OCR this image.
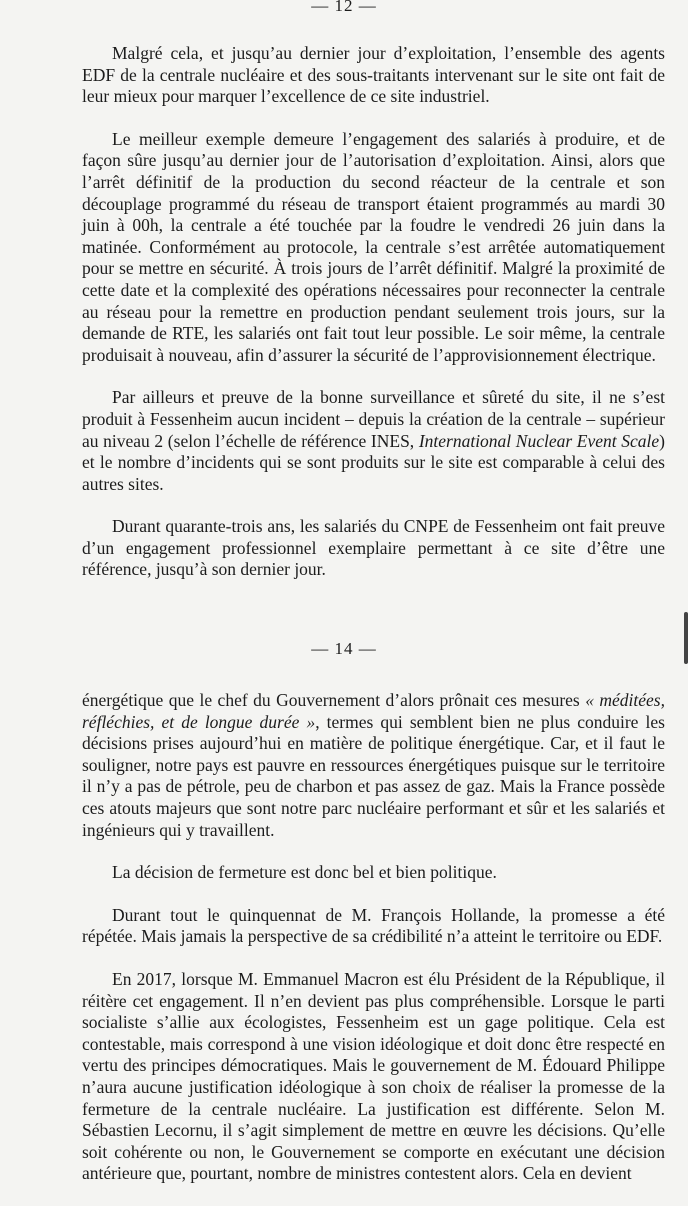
— 12 —

Malgré cela, et jusqu’au dernier jour d’exploitation, l’ensemble des agents EDF de la centrale nucléaire et des sous-traitants intervenant sur le site ont fait de leur mieux pour marquer l’excellence de ce site industriel.

Le meilleur exemple demeure l’engagement des salariés à produire, et de façon sûre jusqu’au dernier jour de l’autorisation d’exploitation. Ainsi, alors que l’arrêt définitif de la production du second réacteur de la centrale et son découplage programmé du réseau de transport étaient programmés au mardi 30 juin à 00h, la centrale a été touchée par la foudre le vendredi 26 juin dans la matinée. Conformément au protocole, la centrale s’est arrêtée automatiquement pour se mettre en sécurité. À trois jours de l’arrêt définitif. Malgré la proximité de cette date et la complexité des opérations nécessaires pour reconnecter la centrale au réseau pour la remettre en production pendant seulement trois jours, sur la demande de RTE, les salariés ont fait tout leur possible. Le soir même, la centrale produisait à nouveau, afin d’assurer la sécurité de l’approvisionnement électrique.

Par ailleurs et preuve de la bonne surveillance et sûreté du site, il ne s’est produit à Fessenheim aucun incident – depuis la création de la centrale – supérieur au niveau 2 (selon l’échelle de référence INES, International Nuclear Event Scale) et le nombre d’incidents qui se sont produits sur le site est comparable à celui des autres sites.

Durant quarante-trois ans, les salariés du CNPE de Fessenheim ont fait preuve d’un engagement professionnel exemplaire permettant à ce site d’être une référence, jusqu’à son dernier jour.

— 14 —

énergétique que le chef du Gouvernement d’alors prônait ces mesures « méditées, réfléchies, et de longue durée », termes qui semblent bien ne plus conduire les décisions prises aujourd’hui en matière de politique énergétique. Car, et il faut le souligner, notre pays est pauvre en ressources énergétiques puisque sur le territoire il n’y a pas de pétrole, peu de charbon et pas assez de gaz. Mais la France possède ces atouts majeurs que sont notre parc nucléaire performant et sûr et les salariés et ingénieurs qui y travaillent.

La décision de fermeture est donc bel et bien politique.

Durant tout le quinquennat de M. François Hollande, la promesse a été répétée. Mais jamais la perspective de sa crédibilité n’a atteint le territoire ou EDF.

En 2017, lorsque M. Emmanuel Macron est élu Président de la République, il réitère cet engagement. Il n’en devient pas plus compréhensible. Lorsque le parti socialiste s’allie aux écologistes, Fessenheim est un gage politique. Cela est contestable, mais correspond à une vision idéologique et doit donc être respecté en vertu des principes démocratiques. Mais le gouvernement de M. Édouard Philippe n’aura aucune justification idéologique à son choix de réaliser la promesse de la fermeture de la centrale nucléaire. La justification est différente. Selon M. Sébastien Lecornu, il s’agit simplement de mettre en œuvre les décisions. Qu’elle soit cohérente ou non, le Gouvernement se comporte en exécutant une décision antérieure que, pourtant, nombre de ministres contestent alors. Cela en devient
